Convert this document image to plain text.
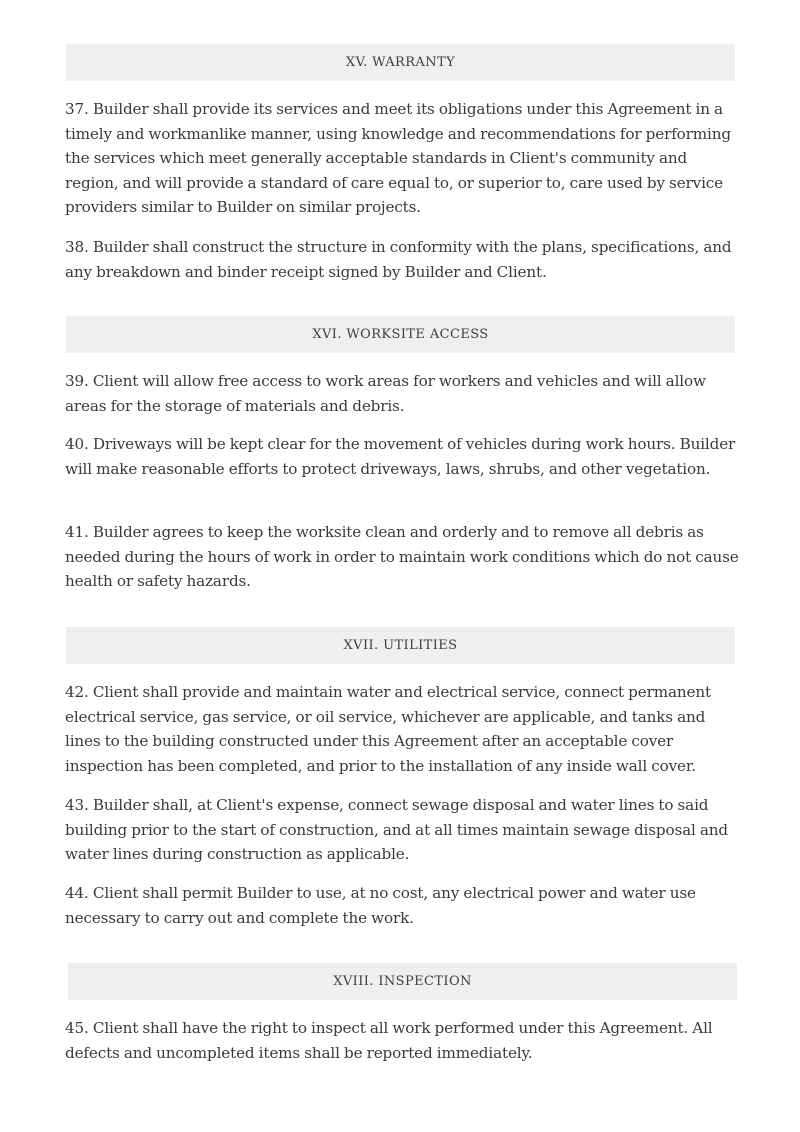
XV. WARRANTY

37. Builder shall provide its services and meet its obligations under this Agreement in a timely and workmanlike manner, using knowledge and recommendations for performing the services which meet generally acceptable standards in Client's community and region, and will provide a standard of care equal to, or superior to, care used by service providers similar to Builder on similar projects.

38. Builder shall construct the structure in conformity with the plans, specifications, and any breakdown and binder receipt signed by Builder and Client.

XVI. WORKSITE ACCESS

39. Client will allow free access to work areas for workers and vehicles and will allow areas for the storage of materials and debris.

40. Driveways will be kept clear for the movement of vehicles during work hours. Builder will make reasonable efforts to protect driveways, laws, shrubs, and other vegetation.

41. Builder agrees to keep the worksite clean and orderly and to remove all debris as needed during the hours of work in order to maintain work conditions which do not cause health or safety hazards.

XVII. UTILITIES

42. Client shall provide and maintain water and electrical service, connect permanent electrical service, gas service, or oil service, whichever are applicable, and tanks and lines to the building constructed under this Agreement after an acceptable cover inspection has been completed, and prior to the installation of any inside wall cover.

43. Builder shall, at Client's expense, connect sewage disposal and water lines to said building prior to the start of construction, and at all times maintain sewage disposal and water lines during construction as applicable.

44. Client shall permit Builder to use, at no cost, any electrical power and water use necessary to carry out and complete the work.

XVIII. INSPECTION

45. Client shall have the right to inspect all work performed under this Agreement. All defects and uncompleted items shall be reported immediately.
